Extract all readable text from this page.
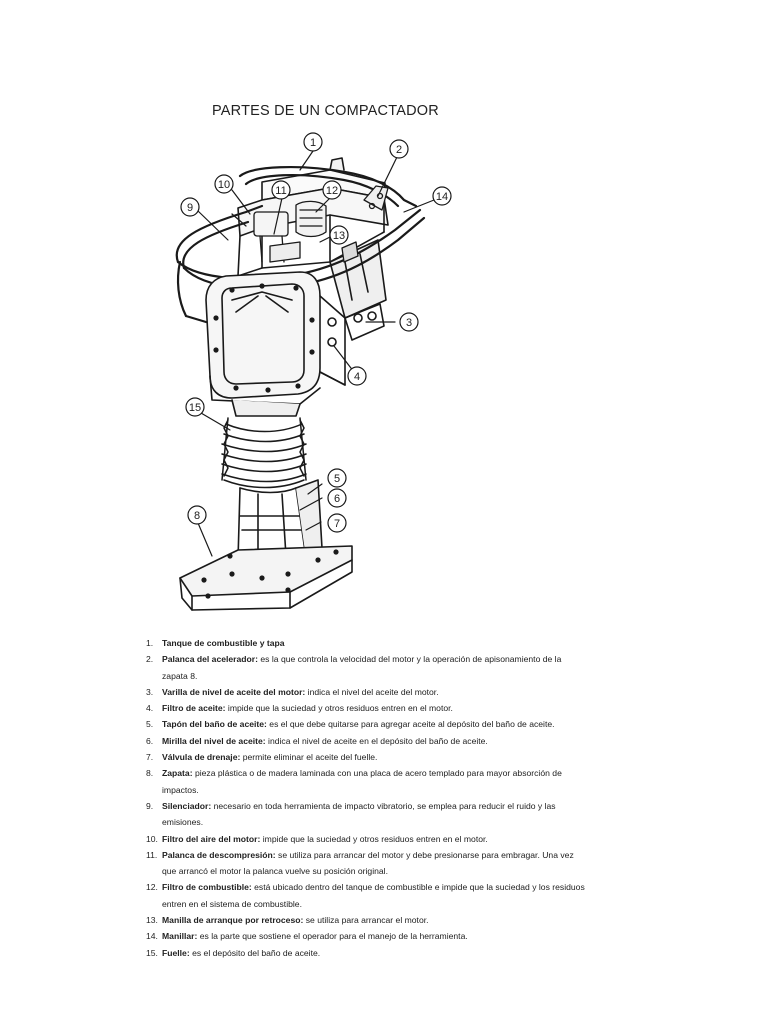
PARTES DE UN COMPACTADOR
1
2
14
3
4
5
6
7
8
9
10	11	12
13
15
1. Tanque de combustible y tapa
2. Palanca del acelerador: es la que controla la velocidad del motor y la operación de apisonamiento de la zapata 8.
3. Varilla de nivel de aceite del motor: indica el nivel del aceite del motor.
4. Filtro de aceite: impide que la suciedad y otros residuos entren en el motor.
5. Tapón del baño de aceite: es el que debe quitarse para agregar aceite al depósito del baño de aceite.
6. Mirilla del nivel de aceite: indica el nivel de aceite en el depósito del baño de aceite.
7. Válvula de drenaje: permite eliminar el aceite del fuelle.
8. Zapata: pieza plástica o de madera laminada con una placa de acero templado para mayor absorción de impactos.
9. Silenciador: necesario en toda herramienta de impacto vibratorio, se emplea para reducir el ruido y las emisiones.
10. Filtro del aire del motor: impide que la suciedad y otros residuos entren en el motor.
11. Palanca de descompresión: se utiliza para arrancar del motor y debe presionarse para embragar. Una vez que arrancó el motor la palanca vuelve su posición original.
12. Filtro de combustible: está ubicado dentro del tanque de combustible e impide que la suciedad y los residuos entren en el sistema de combustible.
13. Manilla de arranque por retroceso: se utiliza para arrancar el motor.
14. Manillar: es la parte que sostiene el operador para el manejo de la herramienta.
15. Fuelle: es el depósito del baño de aceite.
